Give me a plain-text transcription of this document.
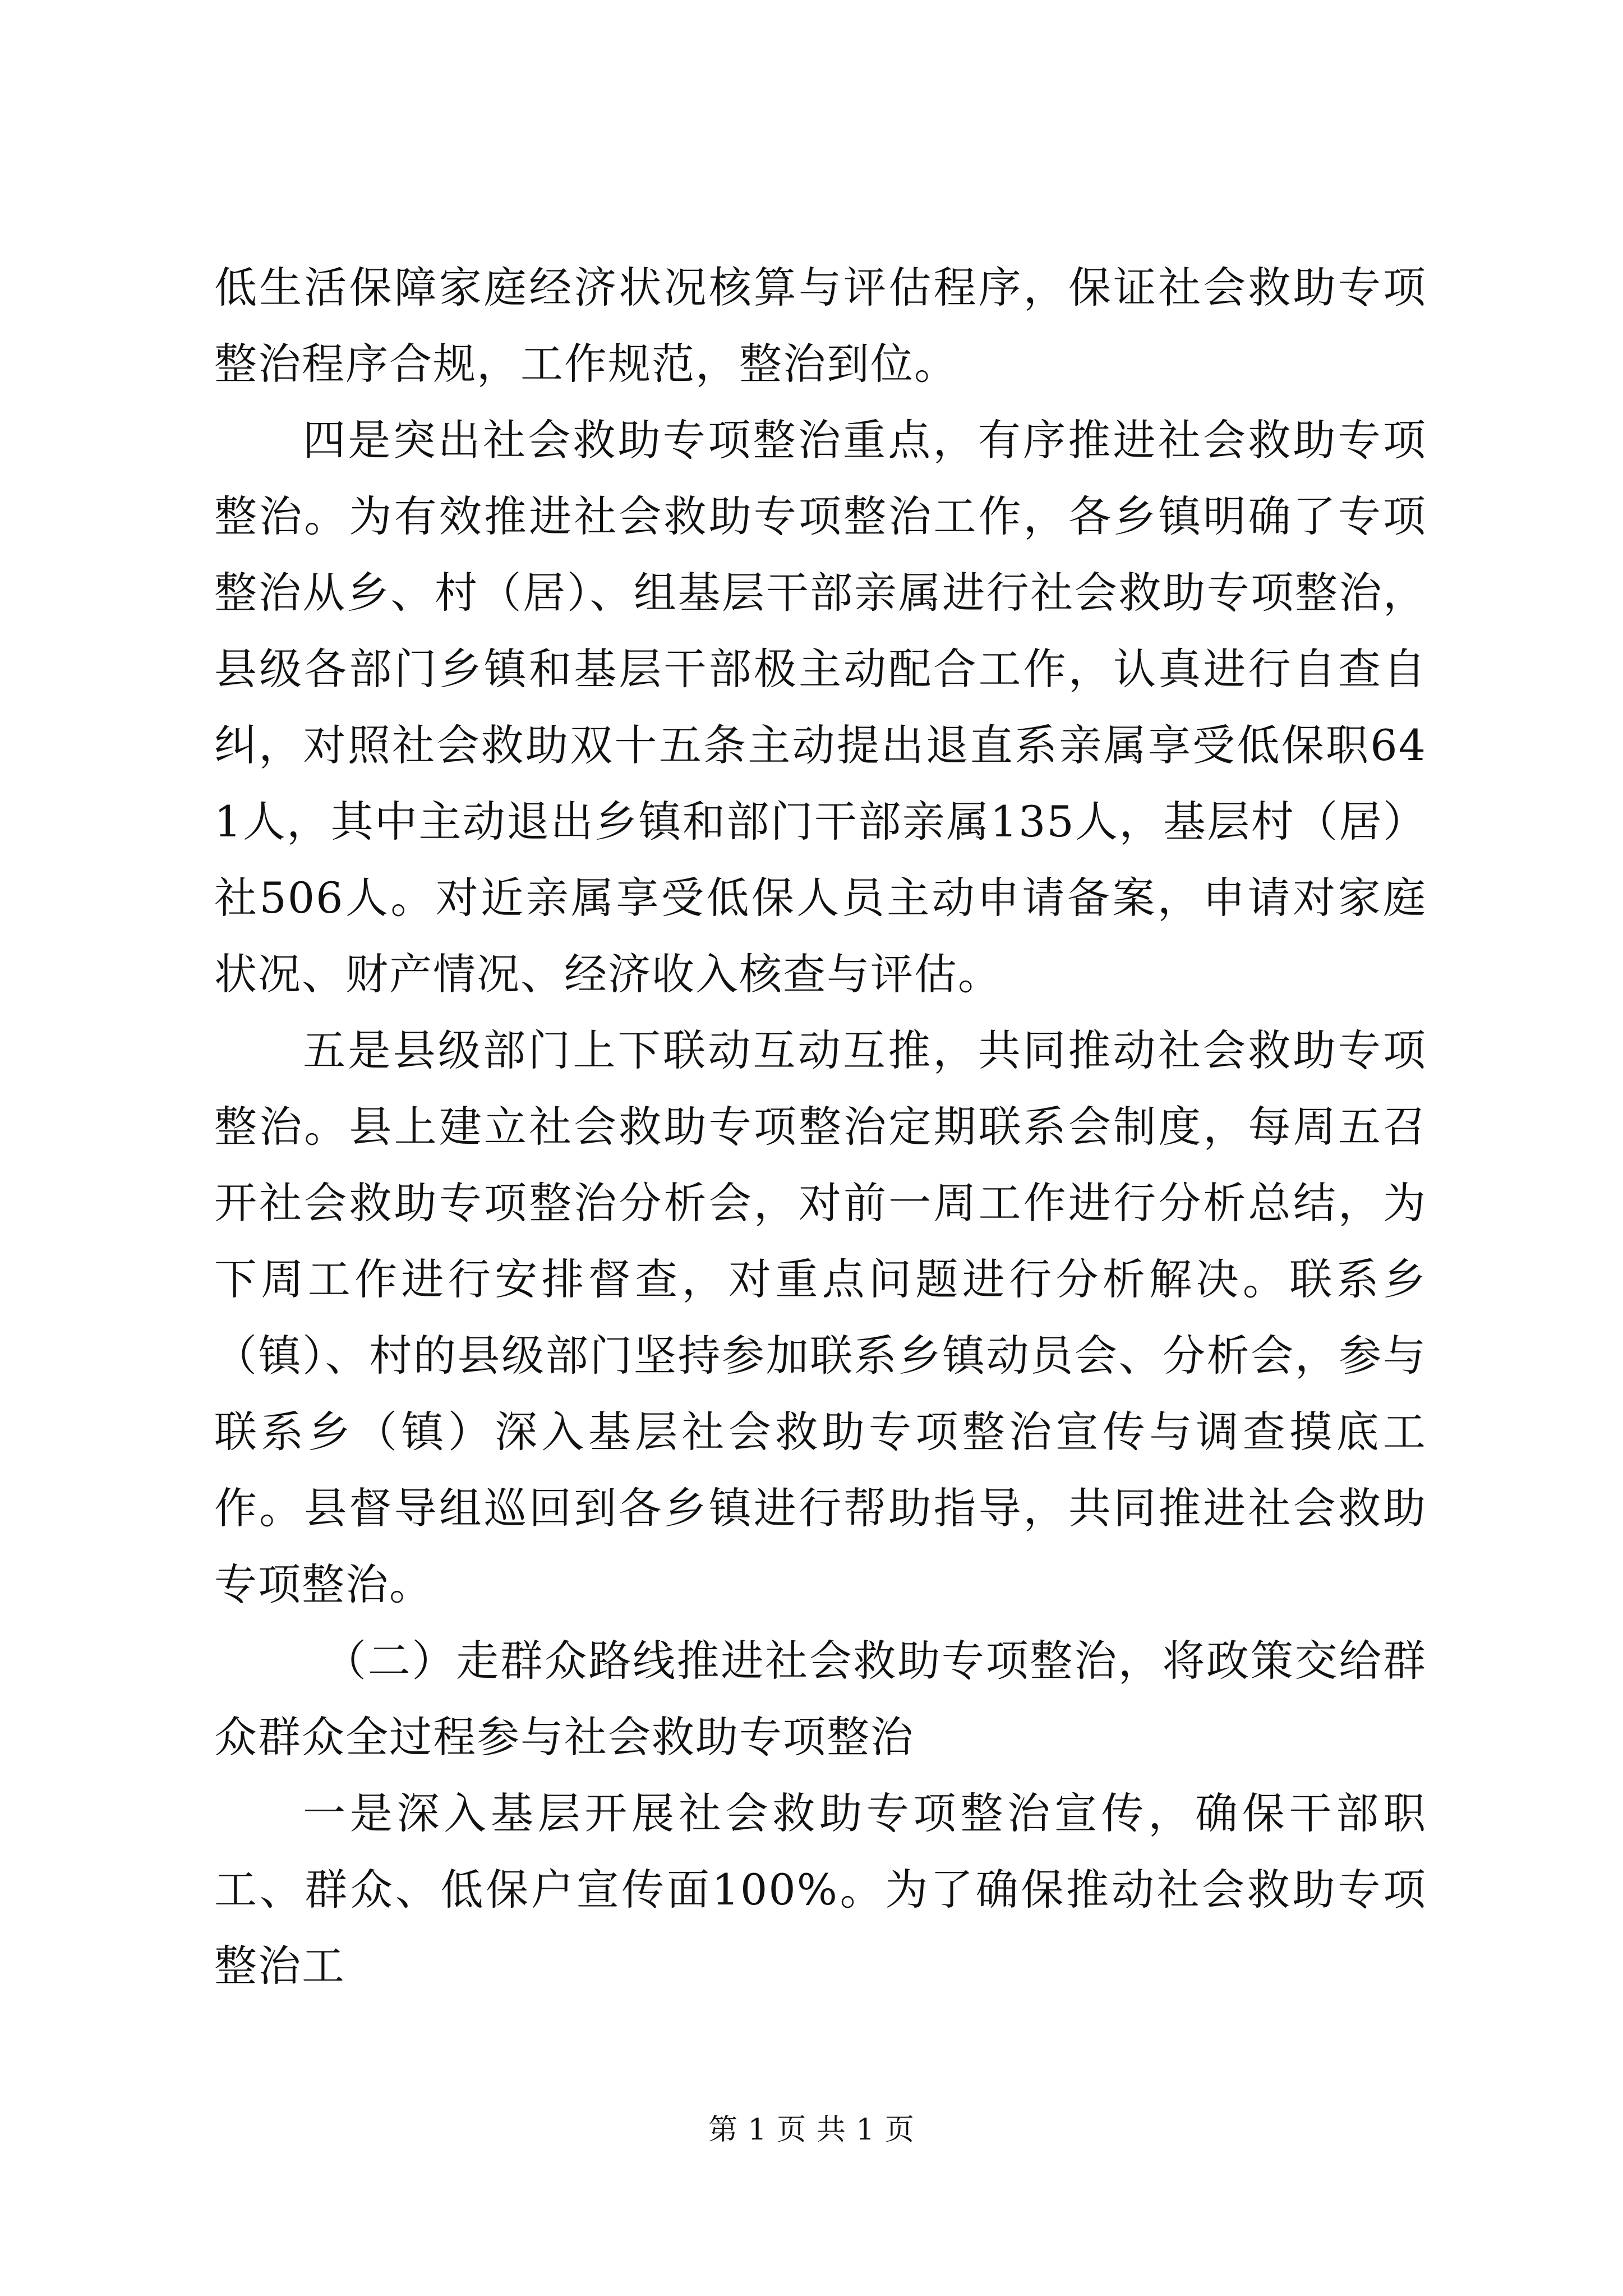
低生活保障家庭经济状况核算与评估程序，保证社会救助专项整治程序合规，工作规范，整治到位。

四是突出社会救助专项整治重点，有序推进社会救助专项整治。为有效推进社会救助专项整治工作，各乡镇明确了专项整治从乡、村（居）、组基层干部亲属进行社会救助专项整治，县级各部门乡镇和基层干部极主动配合工作，认真进行自查自纠，对照社会救助双十五条主动提出退直系亲属享受低保职641人，其中主动退出乡镇和部门干部亲属135人，基层村（居）社506人。对近亲属享受低保人员主动申请备案，申请对家庭状况、财产情况、经济收入核查与评估。

五是县级部门上下联动互动互推，共同推动社会救助专项整治。县上建立社会救助专项整治定期联系会制度，每周五召开社会救助专项整治分析会，对前一周工作进行分析总结，为下周工作进行安排督查，对重点问题进行分析解决。联系乡（镇）、村的县级部门坚持参加联系乡镇动员会、分析会，参与联系乡（镇）深入基层社会救助专项整治宣传与调查摸底工作。县督导组巡回到各乡镇进行帮助指导，共同推进社会救助专项整治。

（二）走群众路线推进社会救助专项整治，将政策交给群众群众全过程参与社会救助专项整治

一是深入基层开展社会救助专项整治宣传，确保干部职工、群众、低保户宣传面100%。为了确保推动社会救助专项整治工

第 1 页 共 1 页
